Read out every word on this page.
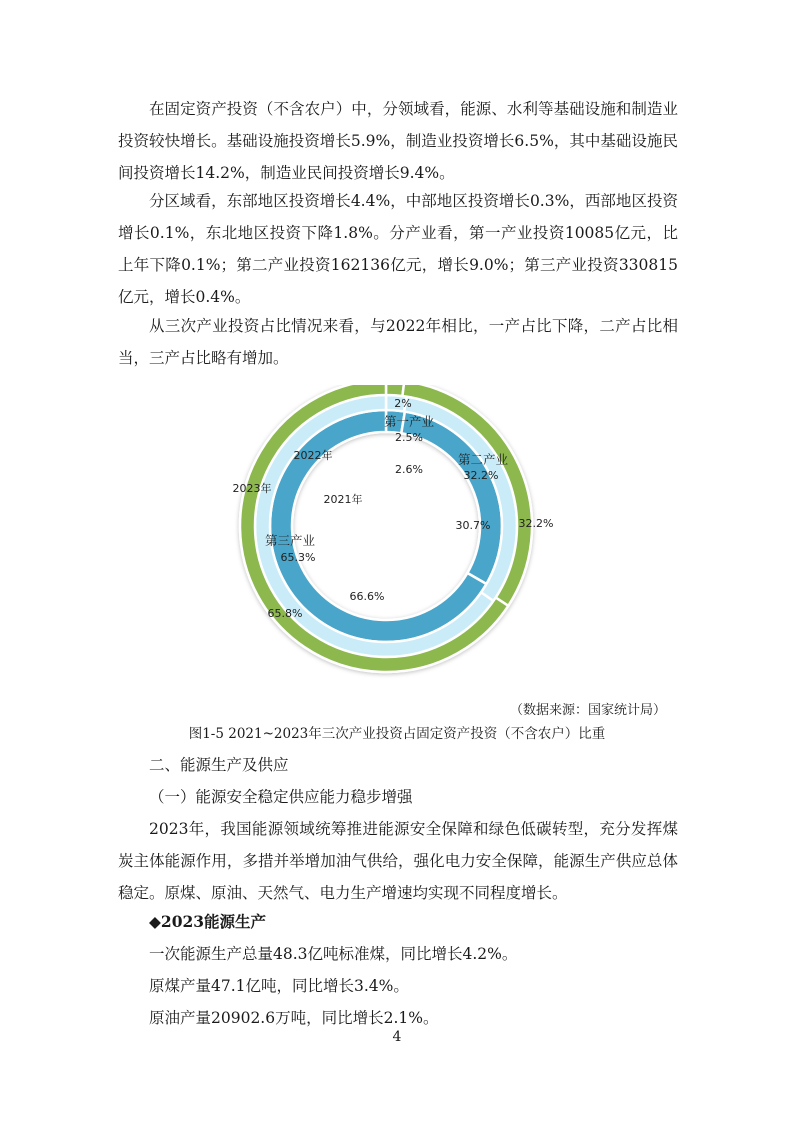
在固定资产投资（不含农户）中，分领域看，能源、水利等基础设施和制造业投资较快增长。基础设施投资增长5.9%，制造业投资增长6.5%，其中基础设施民间投资增长14.2%，制造业民间投资增长9.4%。

分区域看，东部地区投资增长4.4%，中部地区投资增长0.3%，西部地区投资增长0.1%，东北地区投资下降1.8%。分产业看，第一产业投资10085亿元，比上年下降0.1%；第二产业投资162136亿元，增长9.0%；第三产业投资330815亿元，增长0.4%。

从三次产业投资占比情况来看，与2022年相比，一产占比下降，二产占比相当，三产占比略有增加。

2021年
2.6%
30.7%
66.6%
2022年
2.5%
32.2%
65.3%
2023年
2%
32.2%
65.8%
第一产业
第二产业
第三产业
（数据来源：国家统计局）
图1-5 2021~2023年三次产业投资占固定资产投资（不含农户）比重

二、能源生产及供应

（一）能源安全稳定供应能力稳步增强

2023年，我国能源领域统筹推进能源安全保障和绿色低碳转型，充分发挥煤炭主体能源作用，多措并举增加油气供给，强化电力安全保障，能源生产供应总体稳定。原煤、原油、天然气、电力生产增速均实现不同程度增长。

◆2023能源生产

一次能源生产总量48.3亿吨标准煤，同比增长4.2%。

原煤产量47.1亿吨，同比增长3.4%。

原油产量20902.6万吨，同比增长2.1%。

4
